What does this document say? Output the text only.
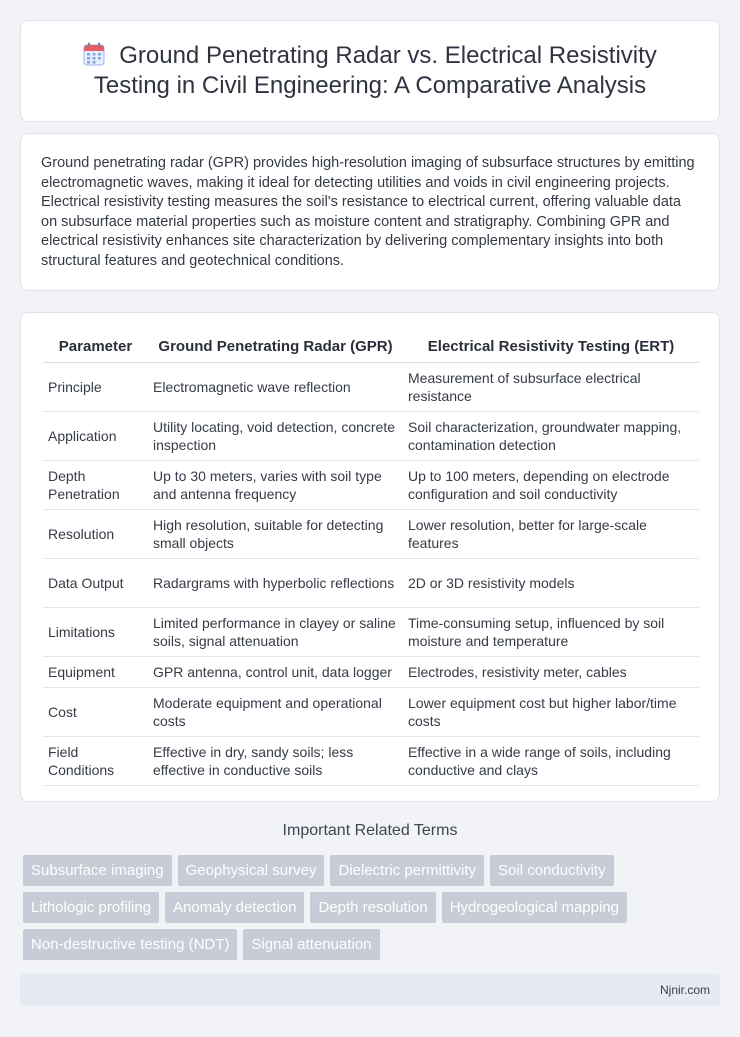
Ground Penetrating Radar vs. Electrical Resistivity Testing in Civil Engineering: A Comparative Analysis

Ground penetrating radar (GPR) provides high-resolution imaging of subsurface structures by emitting electromagnetic waves, making it ideal for detecting utilities and voids in civil engineering projects. Electrical resistivity testing measures the soil's resistance to electrical current, offering valuable data on subsurface material properties such as moisture content and stratigraphy. Combining GPR and electrical resistivity enhances site characterization by delivering complementary insights into both structural features and geotechnical conditions.

Parameter	Ground Penetrating Radar (GPR)	Electrical Resistivity Testing (ERT)
Principle	Electromagnetic wave reflection	Measurement of subsurface electrical resistance
Application	Utility locating, void detection, concrete inspection	Soil characterization, groundwater mapping, contamination detection
Depth Penetration	Up to 30 meters, varies with soil type and antenna frequency	Up to 100 meters, depending on electrode configuration and soil conductivity
Resolution	High resolution, suitable for detecting small objects	Lower resolution, better for large-scale features
Data Output	Radargrams with hyperbolic reflections	2D or 3D resistivity models
Limitations	Limited performance in clayey or saline soils, signal attenuation	Time-consuming setup, influenced by soil moisture and temperature
Equipment	GPR antenna, control unit, data logger	Electrodes, resistivity meter, cables
Cost	Moderate equipment and operational costs	Lower equipment cost but higher labor/time costs
Field Conditions	Effective in dry, sandy soils; less effective in conductive soils	Effective in a wide range of soils, including conductive and clays
Important Related Terms
Subsurface imaging	Geophysical survey	Dielectric permittivity	Soil conductivity
Lithologic profiling	Anomaly detection	Depth resolution	Hydrogeological mapping
Non-destructive testing (NDT)	Signal attenuation
Njnir.com
